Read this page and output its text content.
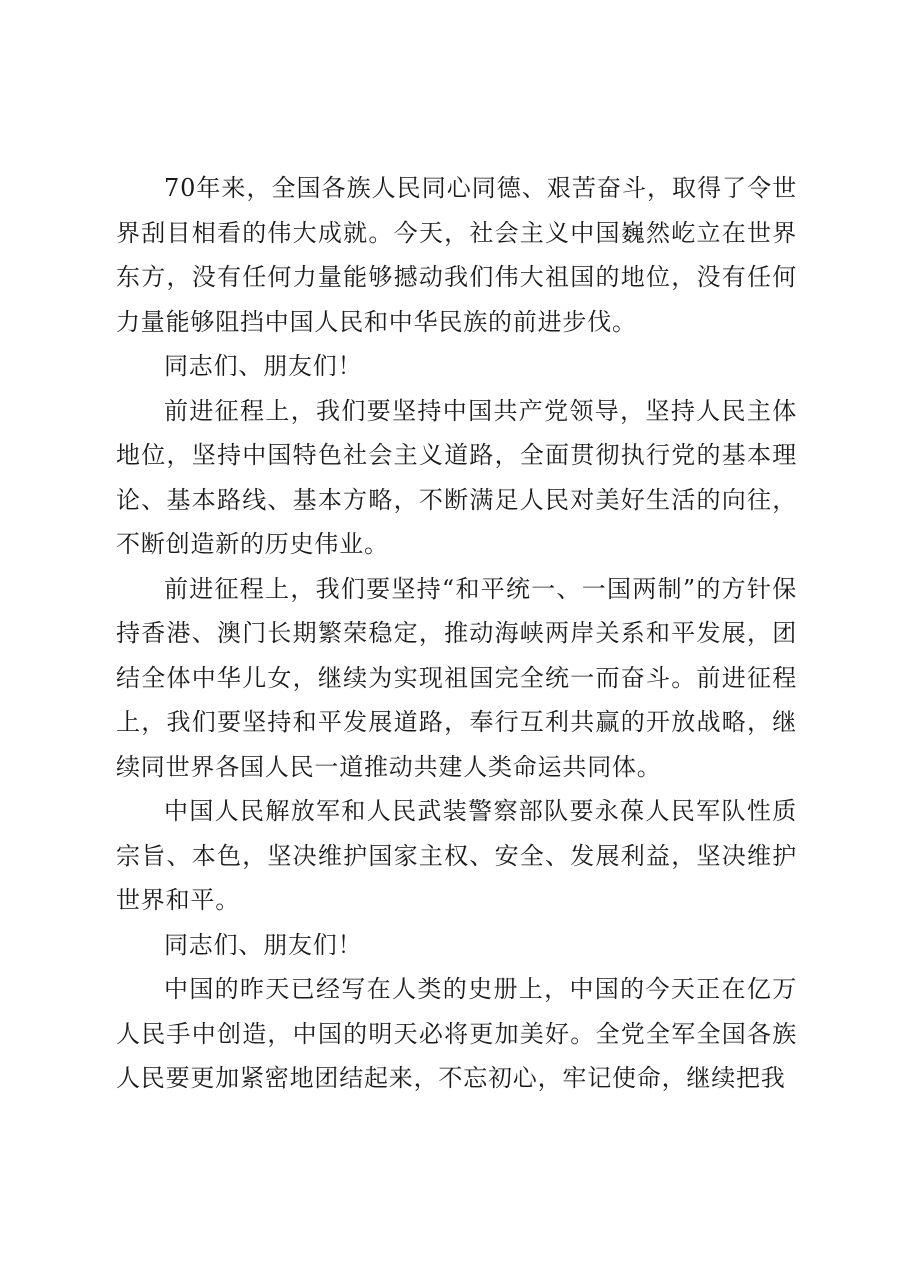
70年来，全国各族人民同心同德、艰苦奋斗，取得了令世界刮目相看的伟大成就。今天，社会主义中国巍然屹立在世界东方，没有任何力量能够撼动我们伟大祖国的地位，没有任何力量能够阻挡中国人民和中华民族的前进步伐。

同志们、朋友们！

前进征程上，我们要坚持中国共产党领导，坚持人民主体地位，坚持中国特色社会主义道路，全面贯彻执行党的基本理论、基本路线、基本方略，不断满足人民对美好生活的向往，不断创造新的历史伟业。

前进征程上，我们要坚持“和平统一、一国两制”的方针保持香港、澳门长期繁荣稳定，推动海峡两岸关系和平发展，团结全体中华儿女，继续为实现祖国完全统一而奋斗。前进征程上，我们要坚持和平发展道路，奉行互利共赢的开放战略，继续同世界各国人民一道推动共建人类命运共同体。

中国人民解放军和人民武装警察部队要永葆人民军队性质宗旨、本色，坚决维护国家主权、安全、发展利益，坚决维护世界和平。

同志们、朋友们！

中国的昨天已经写在人类的史册上，中国的今天正在亿万人民手中创造，中国的明天必将更加美好。全党全军全国各族人民要更加紧密地团结起来，不忘初心，牢记使命，继续把我
